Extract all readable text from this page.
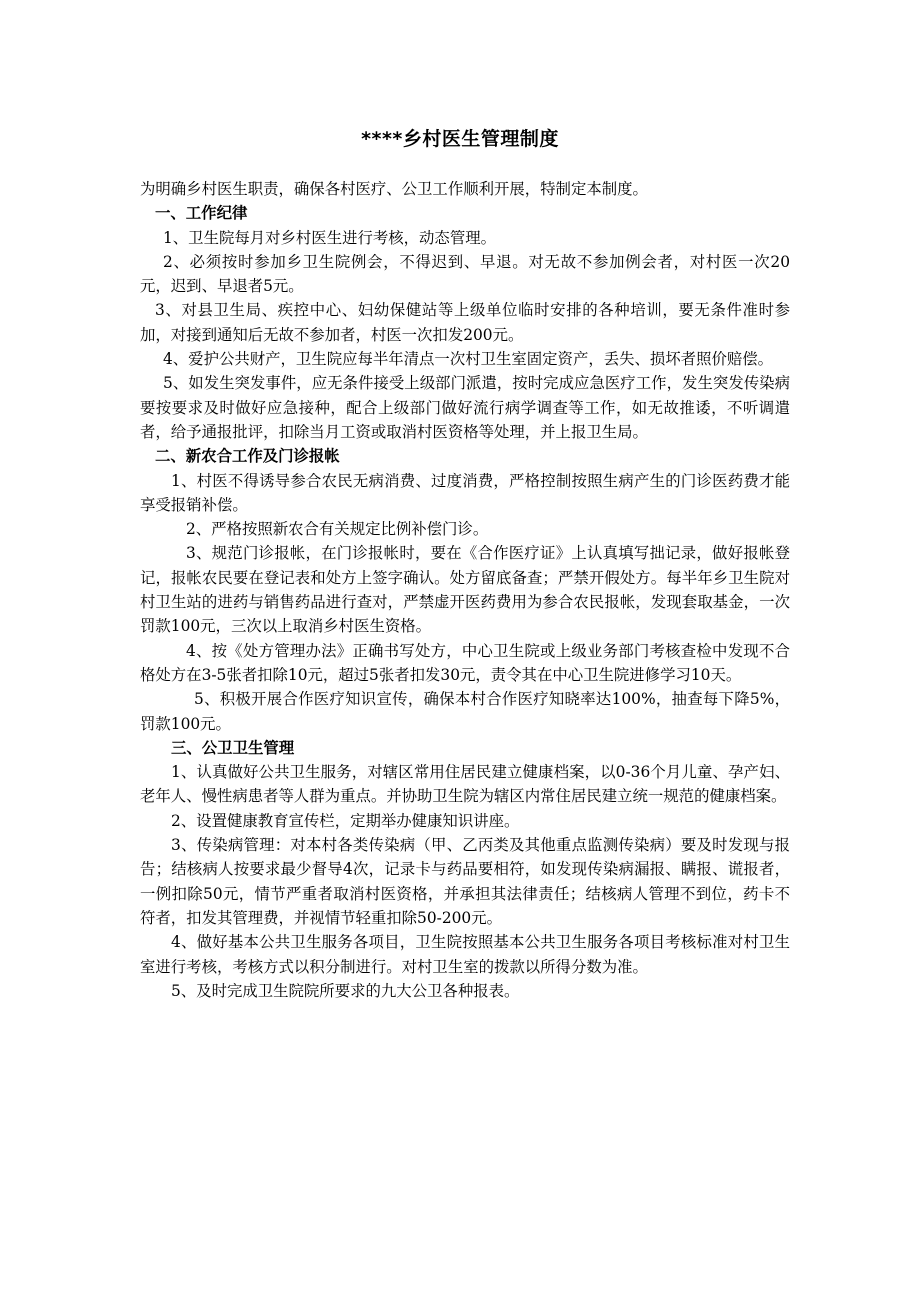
****乡村医生管理制度

为明确乡村医生职责，确保各村医疗、公卫工作顺利开展，特制定本制度。

一、工作纪律

1、卫生院每月对乡村医生进行考核，动态管理。

2、必须按时参加乡卫生院例会，不得迟到、早退。对无故不参加例会者，对村医一次20元，迟到、早退者5元。

3、对县卫生局、疾控中心、妇幼保健站等上级单位临时安排的各种培训，要无条件准时参加，对接到通知后无故不参加者，村医一次扣发200元。

4、爱护公共财产，卫生院应每半年清点一次村卫生室固定资产，丢失、损坏者照价赔偿。

5、如发生突发事件，应无条件接受上级部门派遣，按时完成应急医疗工作，发生突发传染病要按要求及时做好应急接种，配合上级部门做好流行病学调查等工作，如无故推诿，不听调遣者，给予通报批评，扣除当月工资或取消村医资格等处理，并上报卫生局。

二、新农合工作及门诊报帐

1、村医不得诱导参合农民无病消费、过度消费，严格控制按照生病产生的门诊医药费才能享受报销补偿。

2、严格按照新农合有关规定比例补偿门诊。

3、规范门诊报帐，在门诊报帐时，要在《合作医疗证》上认真填写拙记录，做好报帐登记，报帐农民要在登记表和处方上签字确认。处方留底备查；严禁开假处方。每半年乡卫生院对村卫生站的进药与销售药品进行查对，严禁虚开医药费用为参合农民报帐，发现套取基金，一次罚款100元，三次以上取消乡村医生资格。

4、按《处方管理办法》正确书写处方，中心卫生院或上级业务部门考核查检中发现不合格处方在3-5张者扣除10元，超过5张者扣发30元，责令其在中心卫生院进修学习10天。

5、积极开展合作医疗知识宣传，确保本村合作医疗知晓率达100%，抽查每下降5%，罚款100元。

三、公卫卫生管理

1、认真做好公共卫生服务，对辖区常用住居民建立健康档案，以0-36个月儿童、孕产妇、老年人、慢性病患者等人群为重点。并协助卫生院为辖区内常住居民建立统一规范的健康档案。

2、设置健康教育宣传栏，定期举办健康知识讲座。

3、传染病管理：对本村各类传染病（甲、乙丙类及其他重点监测传染病）要及时发现与报告；结核病人按要求最少督导4次，记录卡与药品要相符，如发现传染病漏报、瞒报、谎报者，一例扣除50元，情节严重者取消村医资格，并承担其法律责任；结核病人管理不到位，药卡不符者，扣发其管理费，并视情节轻重扣除50-200元。

4、做好基本公共卫生服务各项目，卫生院按照基本公共卫生服务各项目考核标准对村卫生室进行考核，考核方式以积分制进行。对村卫生室的拨款以所得分数为准。

5、及时完成卫生院院所要求的九大公卫各种报表。
